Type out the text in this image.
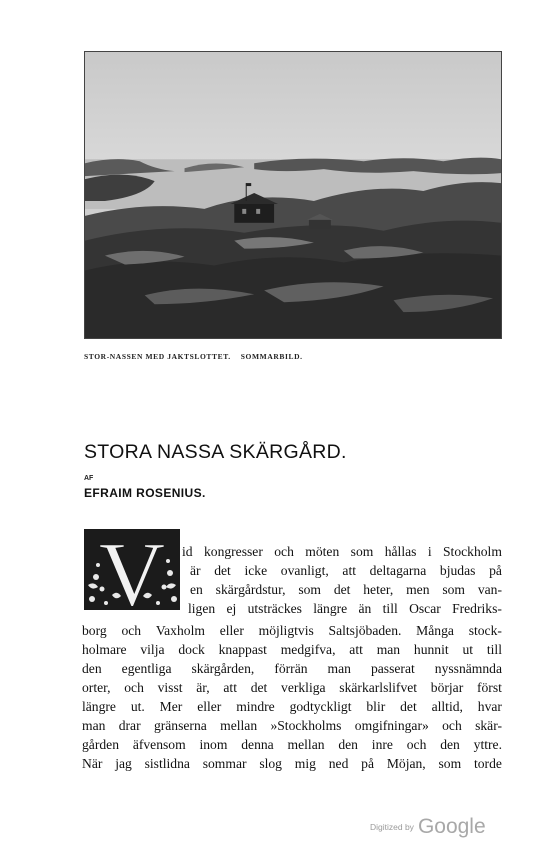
STOR-NASSEN MED JAKTSLOTTET. SOMMARBILD.
STORA NASSA SKÄRGÅRD.
AF
EFRAIM ROSENIUS.
V id kongresser och möten som hållas i Stockholm
är det icke ovanligt, att deltagarna bjudas på
en skärgårdstur, som det heter, men som van-
ligen ej utsträckes längre än till Oscar Fredriks-
borg och Vaxholm eller möjligtvis Saltsjöbaden. Många stock-
holmare vilja dock knappast medgifva, att man hunnit ut till
den egentliga skärgården, förrän man passerat nyssnämnda
orter, och visst är, att det verkliga skärkarlslifvet börjar först
längre ut. Mer eller mindre godtyckligt blir det alltid, hvar
man drar gränserna mellan »Stockholms omgifningar» och skär-
gården äfvensom inom denna mellan den inre och den yttre.
När jag sistlidna sommar slog mig ned på Möjan, som torde
Digitized by Google
